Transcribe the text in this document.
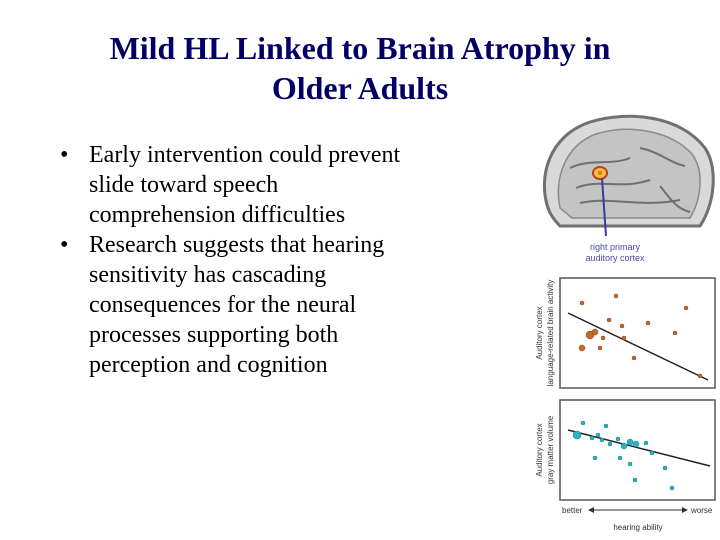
Mild HL Linked to Brain Atrophy in
Older Adults
• Early intervention could prevent
slide toward speech
comprehension difficulties
• Research suggests that hearing
sensitivity has cascading
consequences for the neural
processes supporting both
perception and cognition
right primary
auditory cortex
Auditory cortex language-related brain activity
Auditory cortex gray matter volume
better	worse
hearing ability
